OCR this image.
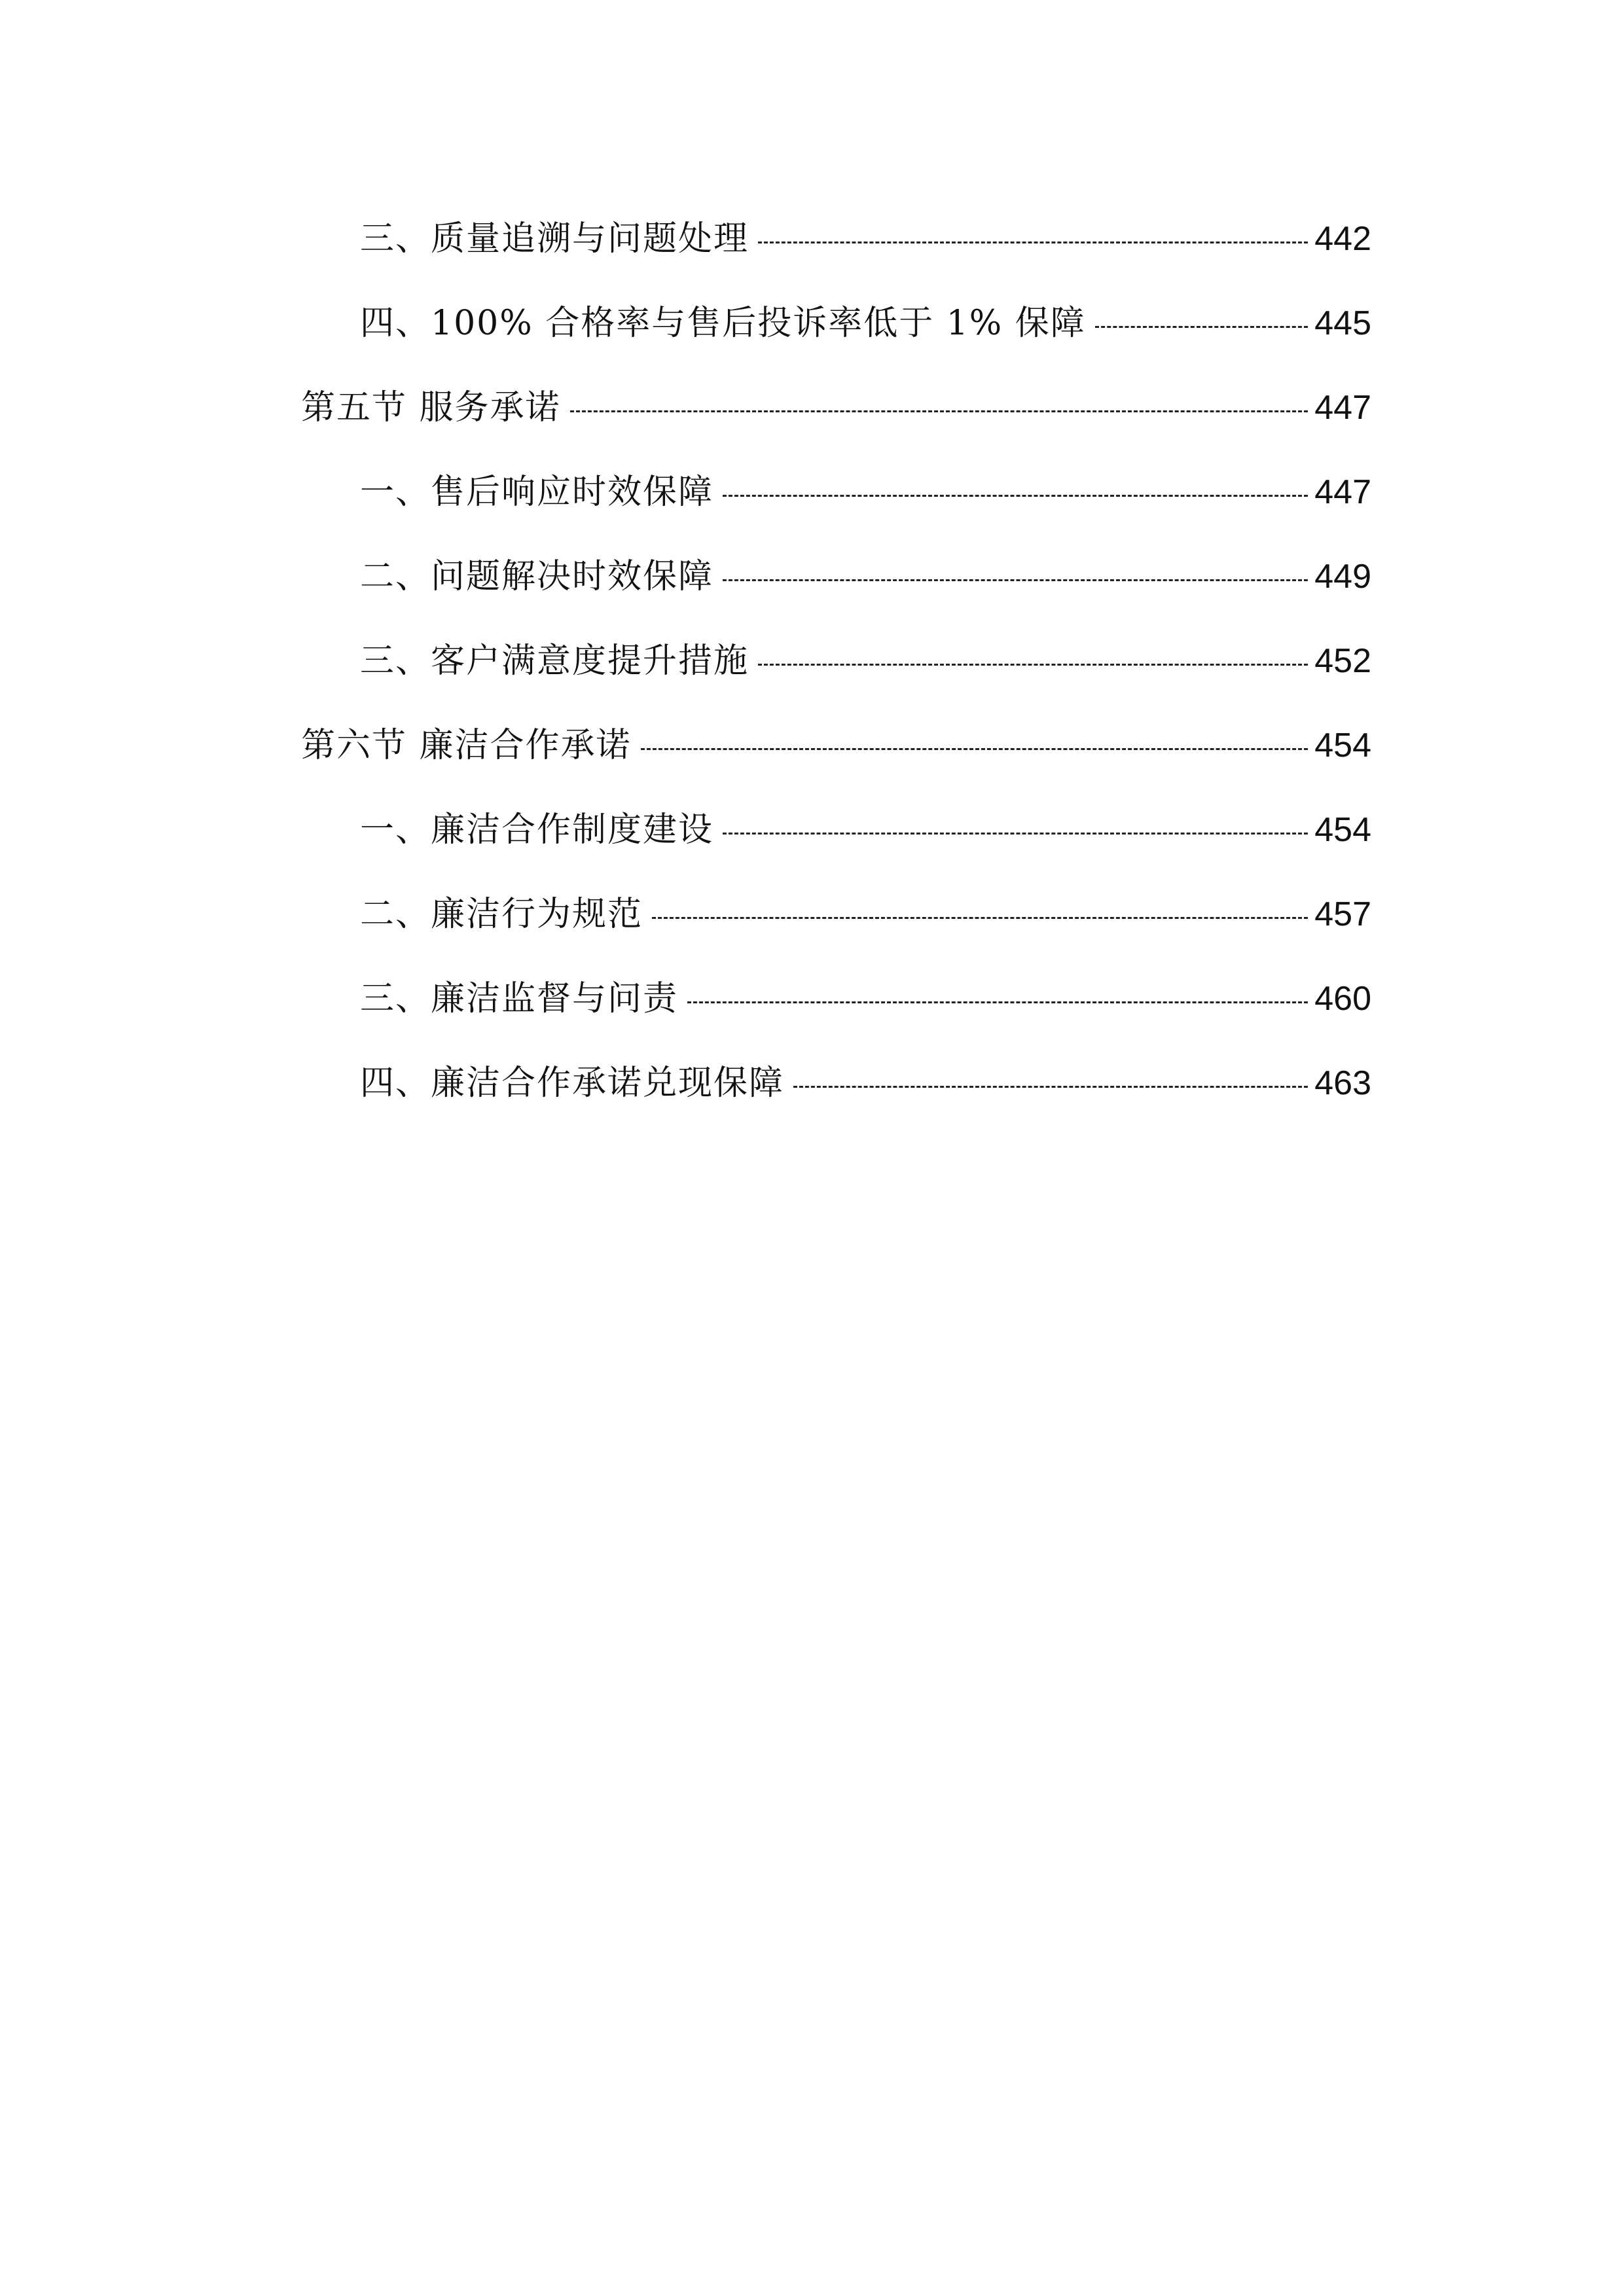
三、质量追溯与问题处理	442
四、100% 合格率与售后投诉率低于 1% 保障	445
第五节 服务承诺	447
一、售后响应时效保障	447
二、问题解决时效保障	449
三、客户满意度提升措施	452
第六节 廉洁合作承诺	454
一、廉洁合作制度建设	454
二、廉洁行为规范	457
三、廉洁监督与问责	460
四、廉洁合作承诺兑现保障	463
